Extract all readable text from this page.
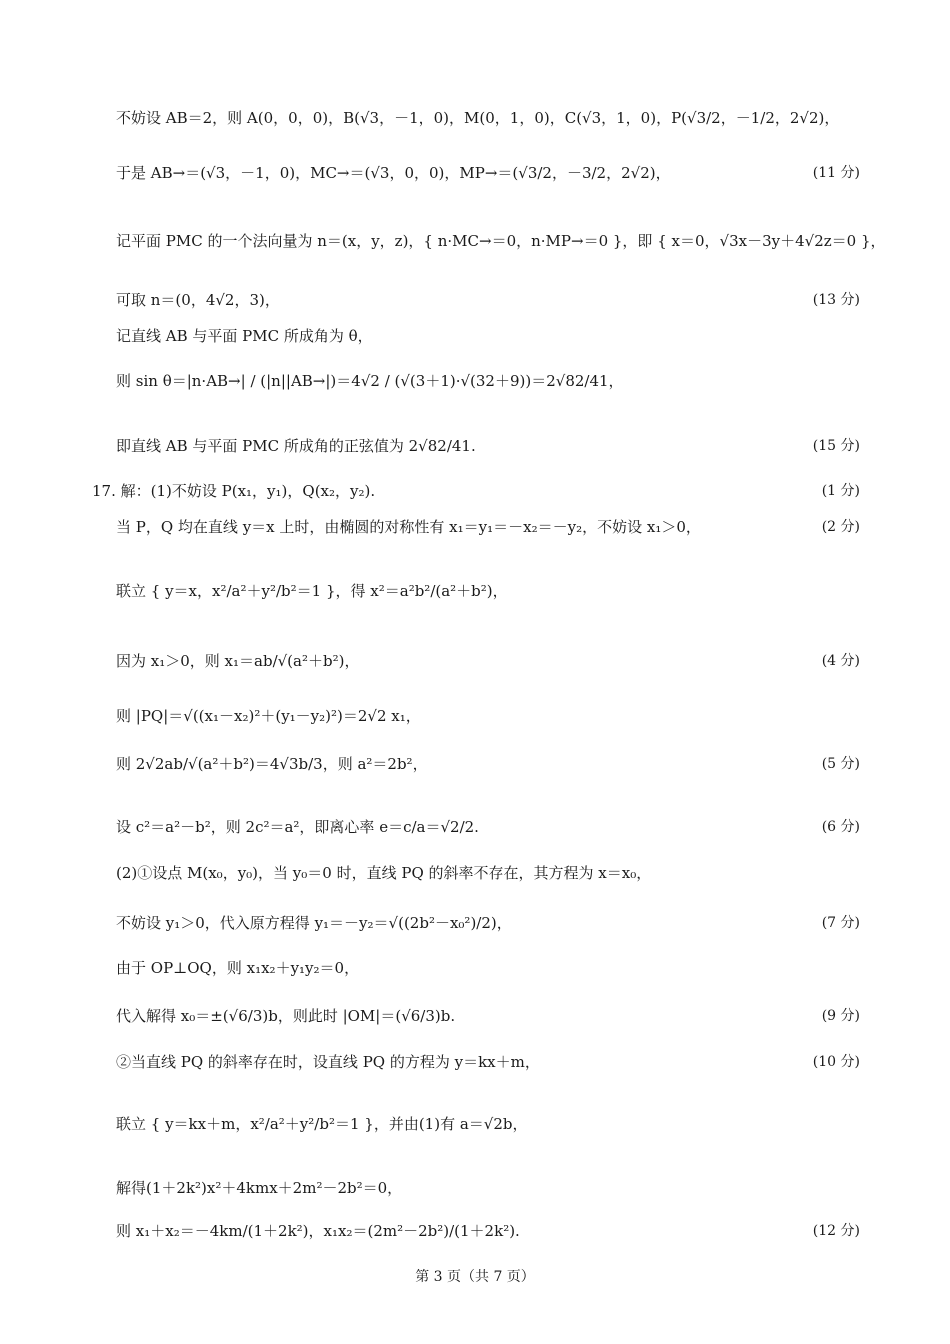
不妨设 AB＝2，则 A(0，0，0)，B(√3，－1，0)，M(0，1，0)，C(√3，1，0)，P(√3/2，－1/2，2√2)，
于是 AB→＝(√3，－1，0)，MC→＝(√3，0，0)，MP→＝(√3/2，－3/2，2√2)，	(11 分)
记平面 PMC 的一个法向量为 n＝(x，y，z)，{ n·MC→＝0，n·MP→＝0 }，即 { x＝0，√3x－3y＋4√2z＝0 }，
可取 n＝(0，4√2，3)，	(13 分)
记直线 AB 与平面 PMC 所成角为 θ，
则 sin θ＝|n·AB→| / (|n||AB→|)＝4√2 / (√(3＋1)·√(32＋9))＝2√82/41，
即直线 AB 与平面 PMC 所成角的正弦值为 2√82/41.	(15 分)
17. 解：(1)不妨设 P(x₁，y₁)，Q(x₂，y₂).	(1 分)
当 P，Q 均在直线 y＝x 上时，由椭圆的对称性有 x₁＝y₁＝－x₂＝－y₂，不妨设 x₁＞0，	(2 分)
联立 { y＝x，x²/a²＋y²/b²＝1 }，得 x²＝a²b²/(a²＋b²)，
因为 x₁＞0，则 x₁＝ab/√(a²＋b²)，	(4 分)
则 |PQ|＝√((x₁－x₂)²＋(y₁－y₂)²)＝2√2 x₁，
则 2√2ab/√(a²＋b²)＝4√3b/3，则 a²＝2b²，	(5 分)
设 c²＝a²－b²，则 2c²＝a²，即离心率 e＝c/a＝√2/2.	(6 分)
(2)①设点 M(x₀，y₀)，当 y₀＝0 时，直线 PQ 的斜率不存在，其方程为 x＝x₀，
不妨设 y₁＞0，代入原方程得 y₁＝－y₂＝√((2b²－x₀²)/2)，	(7 分)
由于 OP⊥OQ，则 x₁x₂＋y₁y₂＝0，
代入解得 x₀＝±(√6/3)b，则此时 |OM|＝(√6/3)b.	(9 分)
②当直线 PQ 的斜率存在时，设直线 PQ 的方程为 y＝kx＋m，	(10 分)
联立 { y＝kx＋m，x²/a²＋y²/b²＝1 }，并由(1)有 a＝√2b，
解得(1＋2k²)x²＋4kmx＋2m²－2b²＝0，
则 x₁＋x₂＝－4km/(1＋2k²)，x₁x₂＝(2m²－2b²)/(1＋2k²).	(12 分)
第 3 页（共 7 页）
